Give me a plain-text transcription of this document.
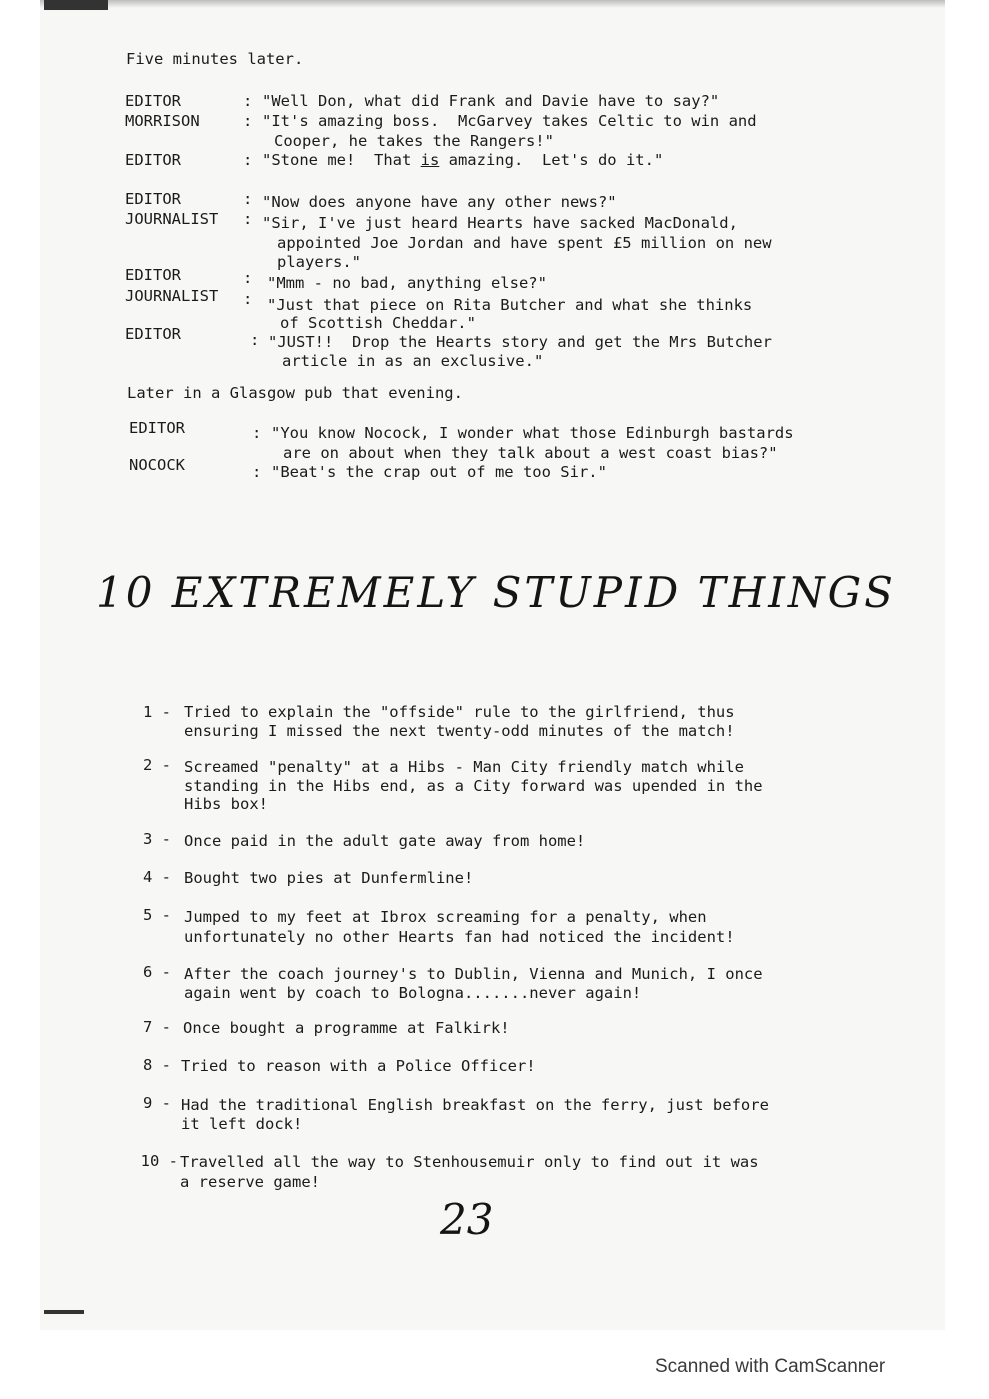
Five minutes later.
EDITOR	: "Well Don, what did Frank and Davie have to say?"
MORRISON	: "It's amazing boss.  McGarvey takes Celtic to win and
Cooper, he takes the Rangers!"
EDITOR	: "Stone me!  That is amazing.  Let's do it."
EDITOR	: "Now does anyone have any other news?"
JOURNALIST : "Sir, I've just heard Hearts have sacked MacDonald,
appointed Joe Jordan and have spent £5 million on new
players."
EDITOR	: "Mmm - no bad, anything else?"
JOURNALIST : "Just that piece on Rita Butcher and what she thinks
of Scottish Cheddar."
EDITOR	: "JUST!!  Drop the Hearts story and get the Mrs Butcher
article in as an exclusive."
Later in a Glasgow pub that evening.
EDITOR	: "You know Nocock, I wonder what those Edinburgh bastards
are on about when they talk about a west coast bias?"
NOCOCK	: "Beat's the crap out of me too Sir."
10 EXTREMELY STUPID THINGS
1 - Tried to explain the "offside" rule to the girlfriend, thus
ensuring I missed the next twenty-odd minutes of the match!
2 - Screamed "penalty" at a Hibs - Man City friendly match while
standing in the Hibs end, as a City forward was upended in the
Hibs box!
3 - Once paid in the adult gate away from home!
4 - Bought two pies at Dunfermline!
5 - Jumped to my feet at Ibrox screaming for a penalty, when
unfortunately no other Hearts fan had noticed the incident!
6 - After the coach journey's to Dublin, Vienna and Munich, I once
again went by coach to Bologna.......never again!
7 - Once bought a programme at Falkirk!
8 - Tried to reason with a Police Officer!
9 - Had the traditional English breakfast on the ferry, just before
it left dock!
10 - Travelled all the way to Stenhousemuir only to find out it was
a reserve game!
23
Scanned with CamScanner
